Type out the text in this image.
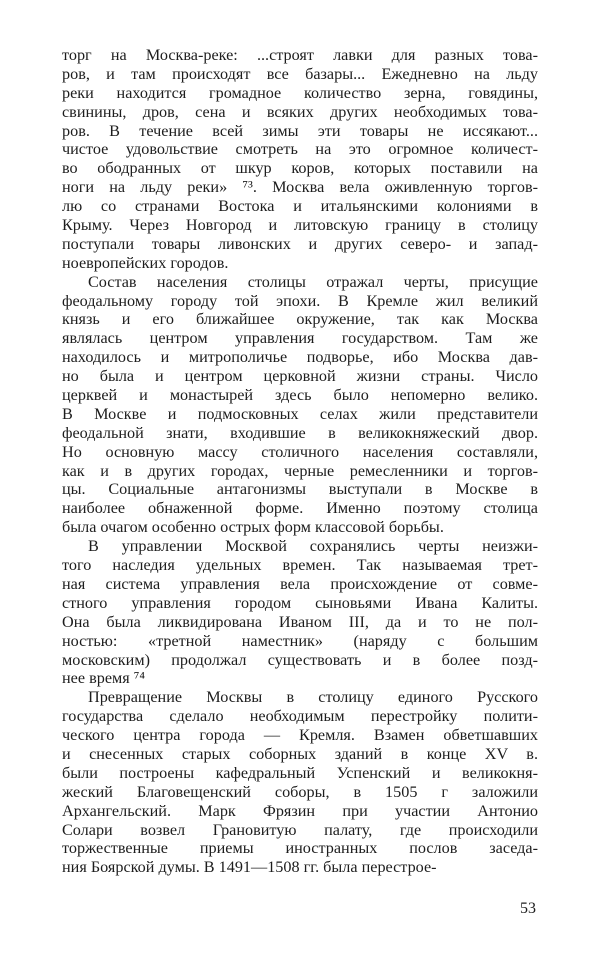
торг на Москва-реке: ...строят лавки для разных това-
ров, и там происходят все базары... Ежедневно на льду
реки находится громадное количество зерна, говядины,
свинины, дров, сена и всяких других необходимых това-
ров. В течение всей зимы эти товары не иссякают...
чистое удовольствие смотреть на это огромное количест-
во ободранных от шкур коров, которых поставили на
ноги на льду реки» ⁷³. Москва вела оживленную торгов-
лю со странами Востока и итальянскими колониями в
Крыму. Через Новгород и литовскую границу в столицу
поступали товары ливонских и других северо- и запад-
ноевропейских городов.
Состав населения столицы отражал черты, присущие
феодальному городу той эпохи. В Кремле жил великий
князь и его ближайшее окружение, так как Москва
являлась центром управления государством. Там же
находилось и митрополичье подворье, ибо Москва дав-
но была и центром церковной жизни страны. Число
церквей и монастырей здесь было непомерно велико.
В Москве и подмосковных селах жили представители
феодальной знати, входившие в великокняжеский двор.
Но основную массу столичного населения составляли,
как и в других городах, черные ремесленники и торгов-
цы. Социальные антагонизмы выступали в Москве в
наиболее обнаженной форме. Именно поэтому столица
была очагом особенно острых форм классовой борьбы.
В управлении Москвой сохранялись черты неизжи-
того наследия удельных времен. Так называемая трет-
ная система управления вела происхождение от совме-
стного управления городом сыновьями Ивана Калиты.
Она была ликвидирована Иваном III, да и то не пол-
ностью: «третной наместник» (наряду с большим
московским) продолжал существовать и в более позд-
нее время ⁷⁴
Превращение Москвы в столицу единого Русского
государства сделало необходимым перестройку полити-
ческого центра города — Кремля. Взамен обветшавших
и снесенных старых соборных зданий в конце XV в.
были построены кафедральный Успенский и великокня-
жеский Благовещенский соборы, в 1505 г заложили
Архангельский. Марк Фрязин при участии Антонио
Солари возвел Грановитую палату, где происходили
торжественные приемы иностранных послов заседа-
ния Боярской думы. В 1491—1508 гг. была перестрое-
53
